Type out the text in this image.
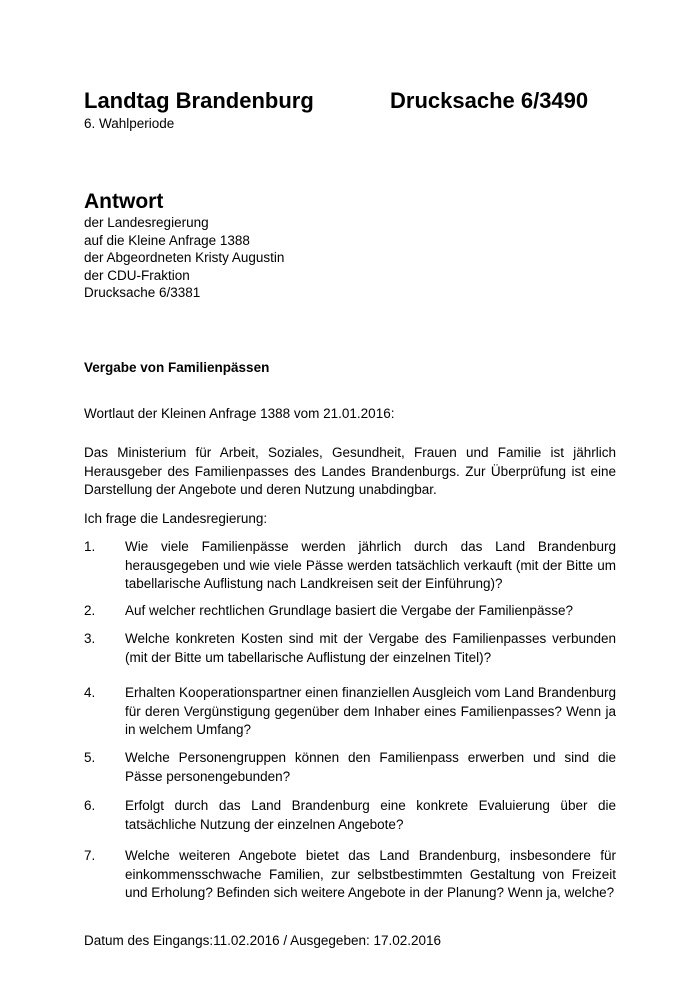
Landtag Brandenburg	Drucksache 6/3490
6. Wahlperiode
Antwort
der Landesregierung
auf die Kleine Anfrage 1388
der Abgeordneten Kristy Augustin
der CDU-Fraktion
Drucksache 6/3381
Vergabe von Familienpässen
Wortlaut der Kleinen Anfrage 1388 vom 21.01.2016:
Das Ministerium für Arbeit, Soziales, Gesundheit, Frauen und Familie ist jährlich Herausgeber des Familienpasses des Landes Brandenburgs. Zur Überprüfung ist eine Darstellung der Angebote und deren Nutzung unabdingbar.
Ich frage die Landesregierung:
1. Wie viele Familienpässe werden jährlich durch das Land Brandenburg herausgegeben und wie viele Pässe werden tatsächlich verkauft (mit der Bitte um tabellarische Auflistung nach Landkreisen seit der Einführung)?
2. Auf welcher rechtlichen Grundlage basiert die Vergabe der Familienpässe?
3. Welche konkreten Kosten sind mit der Vergabe des Familienpasses verbunden (mit der Bitte um tabellarische Auflistung der einzelnen Titel)?
4. Erhalten Kooperationspartner einen finanziellen Ausgleich vom Land Brandenburg für deren Vergünstigung gegenüber dem Inhaber eines Familienpasses? Wenn ja in welchem Umfang?
5. Welche Personengruppen können den Familienpass erwerben und sind die Pässe personengebunden?
6. Erfolgt durch das Land Brandenburg eine konkrete Evaluierung über die tatsächliche Nutzung der einzelnen Angebote?
7. Welche weiteren Angebote bietet das Land Brandenburg, insbesondere für einkommensschwache Familien, zur selbstbestimmten Gestaltung von Freizeit und Erholung? Befinden sich weitere Angebote in der Planung? Wenn ja, welche?
Datum des Eingangs:11.02.2016 / Ausgegeben: 17.02.2016
